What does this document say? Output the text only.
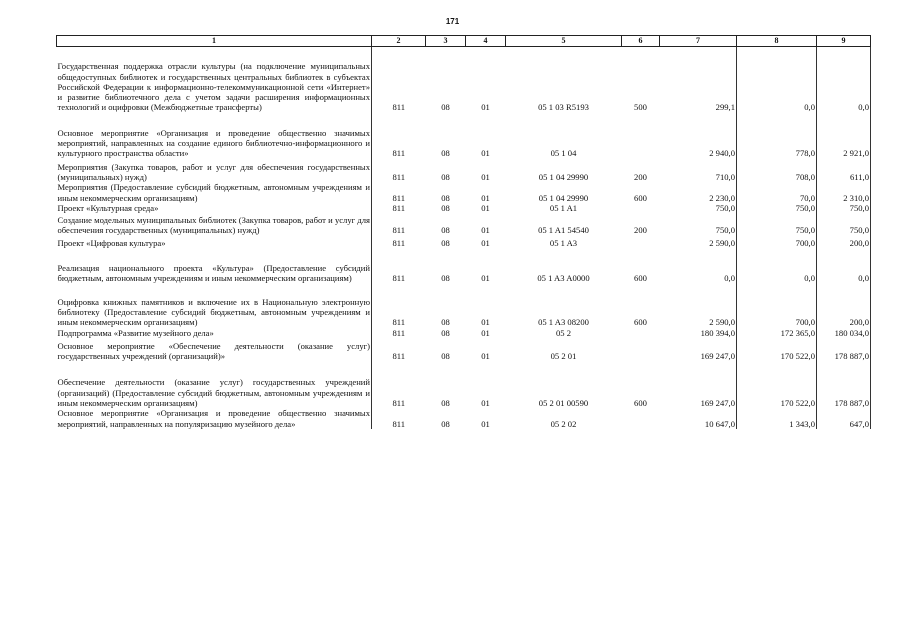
171
1	2	3	4	5	6	7	8	9
Государственная поддержка отрасли культуры (на подключение муниципальных общедоступных библиотек и государственных центральных библиотек в субъектах Российской Федерации к информационно-телекоммуникационной сети «Интернет» и развитие библиотечного дела с учетом задачи расширения информационных технологий и оцифровки (Межбюджетные трансферты)	811	08	01	05 1 03 R5193	500	299,1	0,0	0,0
Основное мероприятие «Организация и проведение общественно значимых мероприятий, направленных на создание единого библиотечно-информационного и культурного пространства области»	811	08	01	05 1 04		2 940,0	778,0	2 921,0
Мероприятия (Закупка товаров, работ и услуг для обеспечения государственных (муниципальных) нужд)	811	08	01	05 1 04 29990	200	710,0	708,0	611,0
Мероприятия (Предоставление субсидий бюджетным, автономным учреждениям и иным некоммерческим организациям)	811	08	01	05 1 04 29990	600	2 230,0	70,0	2 310,0
Проект «Культурная среда»	811	08	01	05 1 A1		750,0	750,0	750,0
Создание модельных муниципальных библиотек (Закупка товаров, работ и услуг для обеспечения государственных (муниципальных) нужд)	811	08	01	05 1 A1 54540	200	750,0	750,0	750,0
Проект «Цифровая культура»	811	08	01	05 1 A3		2 590,0	700,0	200,0
Реализация национального проекта «Культура» (Предоставление субсидий бюджетным, автономным учреждениям и иным некоммерческим организациям)	811	08	01	05 1 A3 A0000	600	0,0	0,0	0,0
Оцифровка книжных памятников и включение их в Национальную электронную библиотеку (Предоставление субсидий бюджетным, автономным учреждениям и иным некоммерческим организациям)	811	08	01	05 1 A3 08200	600	2 590,0	700,0	200,0
Подпрограмма «Развитие музейного дела»	811	08	01	05 2		180 394,0	172 365,0	180 034,0
Основное мероприятие «Обеспечение деятельности (оказание услуг) государственных учреждений (организаций)»	811	08	01	05 2 01		169 247,0	170 522,0	178 887,0
Обеспечение деятельности (оказание услуг) государственных учреждений (организаций) (Предоставление субсидий бюджетным, автономным учреждениям и иным некоммерческим организациям)	811	08	01	05 2 01 00590	600	169 247,0	170 522,0	178 887,0
Основное мероприятие «Организация и проведение общественно значимых мероприятий, направленных на популяризацию музейного дела»	811	08	01	05 2 02		10 647,0	1 343,0	647,0
